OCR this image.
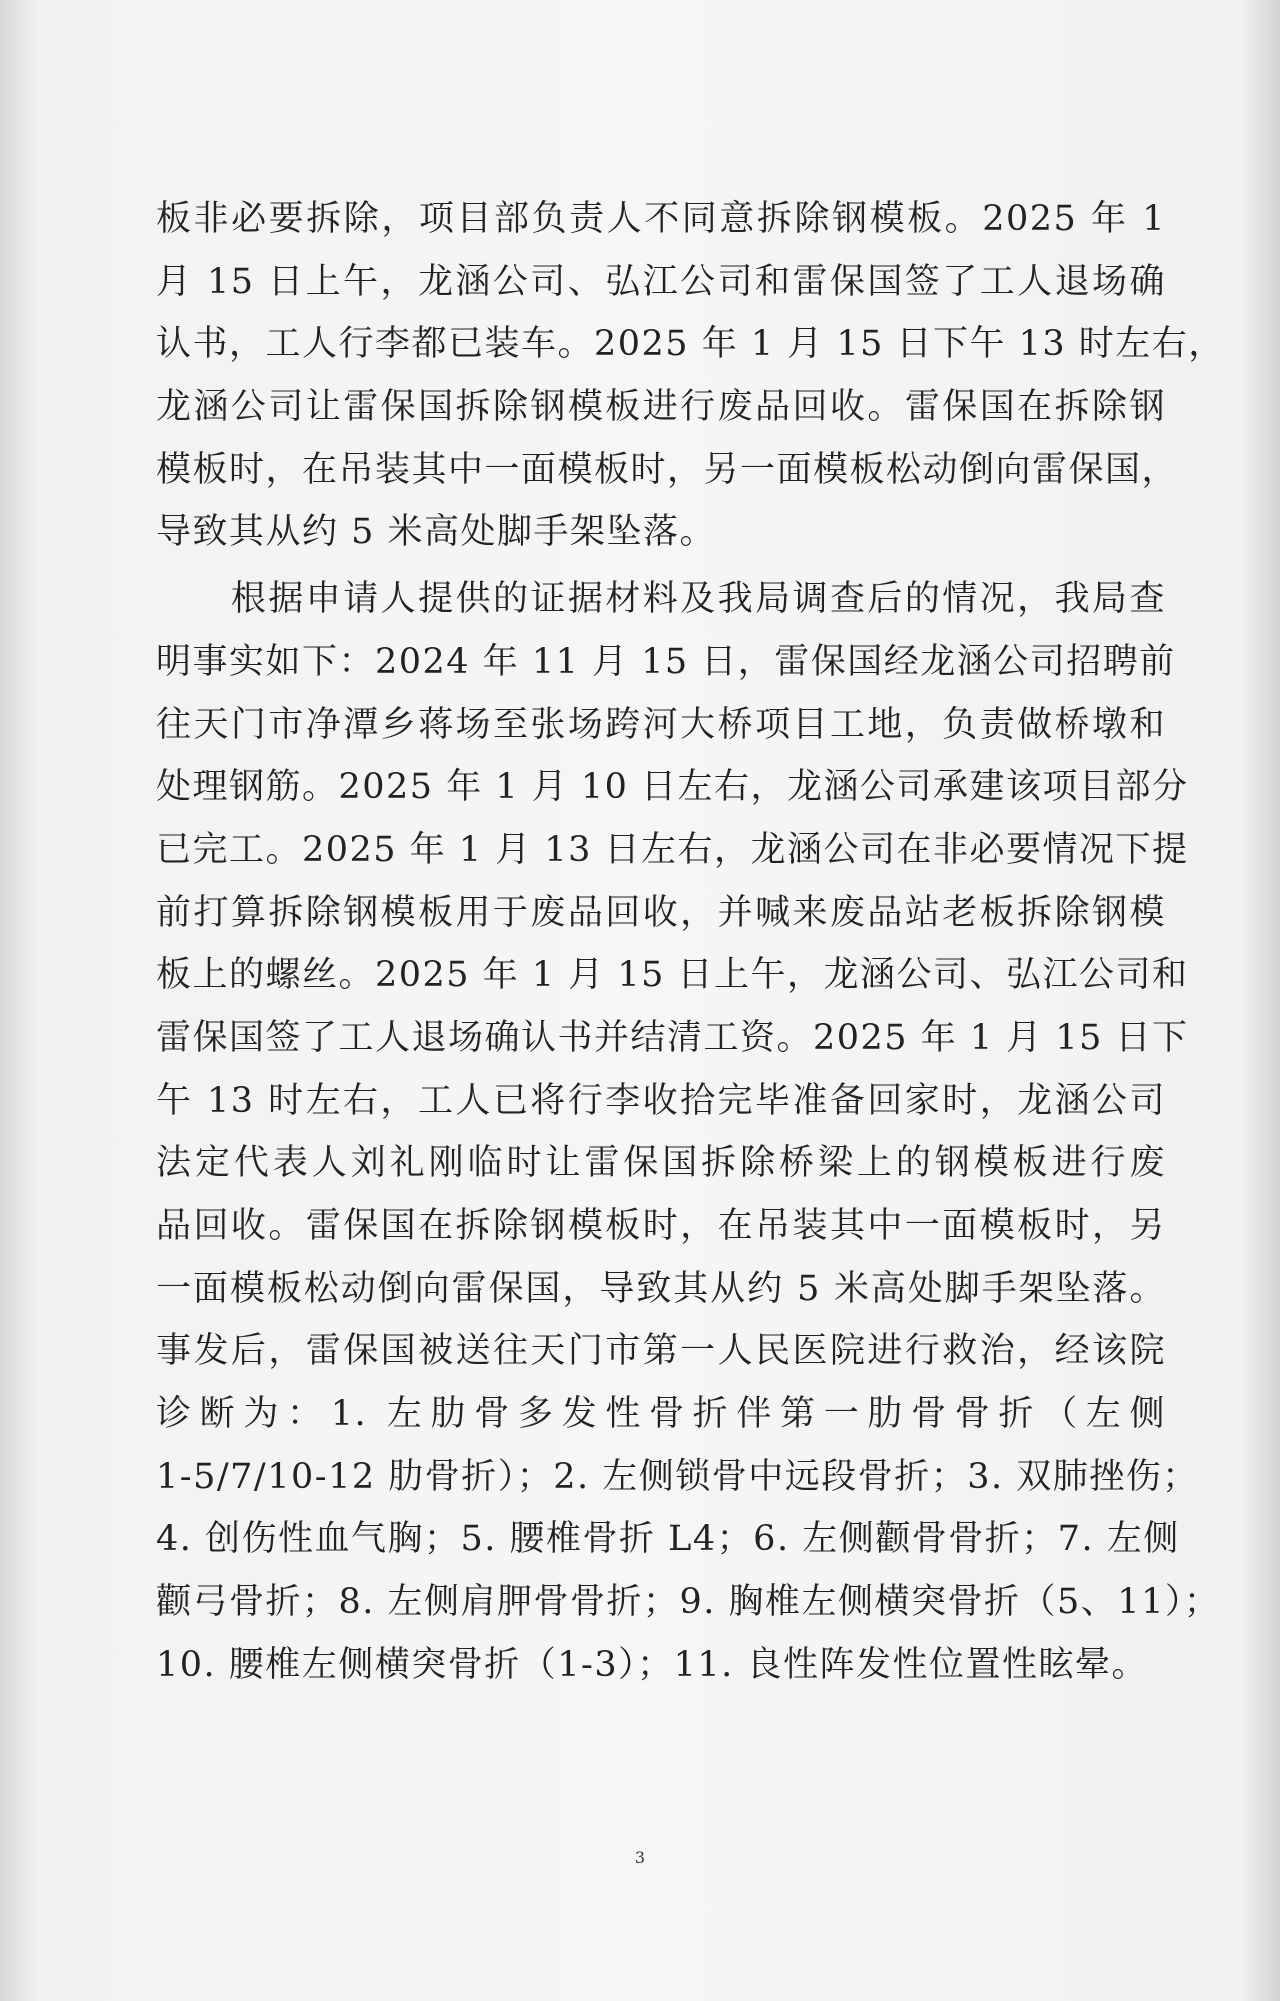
板非必要拆除，项目部负责人不同意拆除钢模板。2025 年 1
月 15 日上午，龙涵公司、弘江公司和雷保国签了工人退场确
认书，工人行李都已装车。2025 年 1 月 15 日下午 13 时左右，
龙涵公司让雷保国拆除钢模板进行废品回收。雷保国在拆除钢
模板时，在吊装其中一面模板时，另一面模板松动倒向雷保国，
导致其从约 5 米高处脚手架坠落。
　　根据申请人提供的证据材料及我局调查后的情况，我局查
明事实如下：2024 年 11 月 15 日，雷保国经龙涵公司招聘前
往天门市净潭乡蒋场至张场跨河大桥项目工地，负责做桥墩和
处理钢筋。2025 年 1 月 10 日左右，龙涵公司承建该项目部分
已完工。2025 年 1 月 13 日左右，龙涵公司在非必要情况下提
前打算拆除钢模板用于废品回收，并喊来废品站老板拆除钢模
板上的螺丝。2025 年 1 月 15 日上午，龙涵公司、弘江公司和
雷保国签了工人退场确认书并结清工资。2025 年 1 月 15 日下
午 13 时左右，工人已将行李收拾完毕准备回家时，龙涵公司
法定代表人刘礼刚临时让雷保国拆除桥梁上的钢模板进行废
品回收。雷保国在拆除钢模板时，在吊装其中一面模板时，另
一面模板松动倒向雷保国，导致其从约 5 米高处脚手架坠落。
事发后，雷保国被送往天门市第一人民医院进行救治，经该院
诊断为：1. 左肋骨多发性骨折伴第一肋骨骨折（左侧
1-5/7/10-12 肋骨折）；2. 左侧锁骨中远段骨折；3. 双肺挫伤；
4. 创伤性血气胸；5. 腰椎骨折 L4；6. 左侧颧骨骨折；7. 左侧
颧弓骨折；8. 左侧肩胛骨骨折；9. 胸椎左侧横突骨折（5、11）；
10. 腰椎左侧横突骨折（1-3）；11. 良性阵发性位置性眩晕。
3
